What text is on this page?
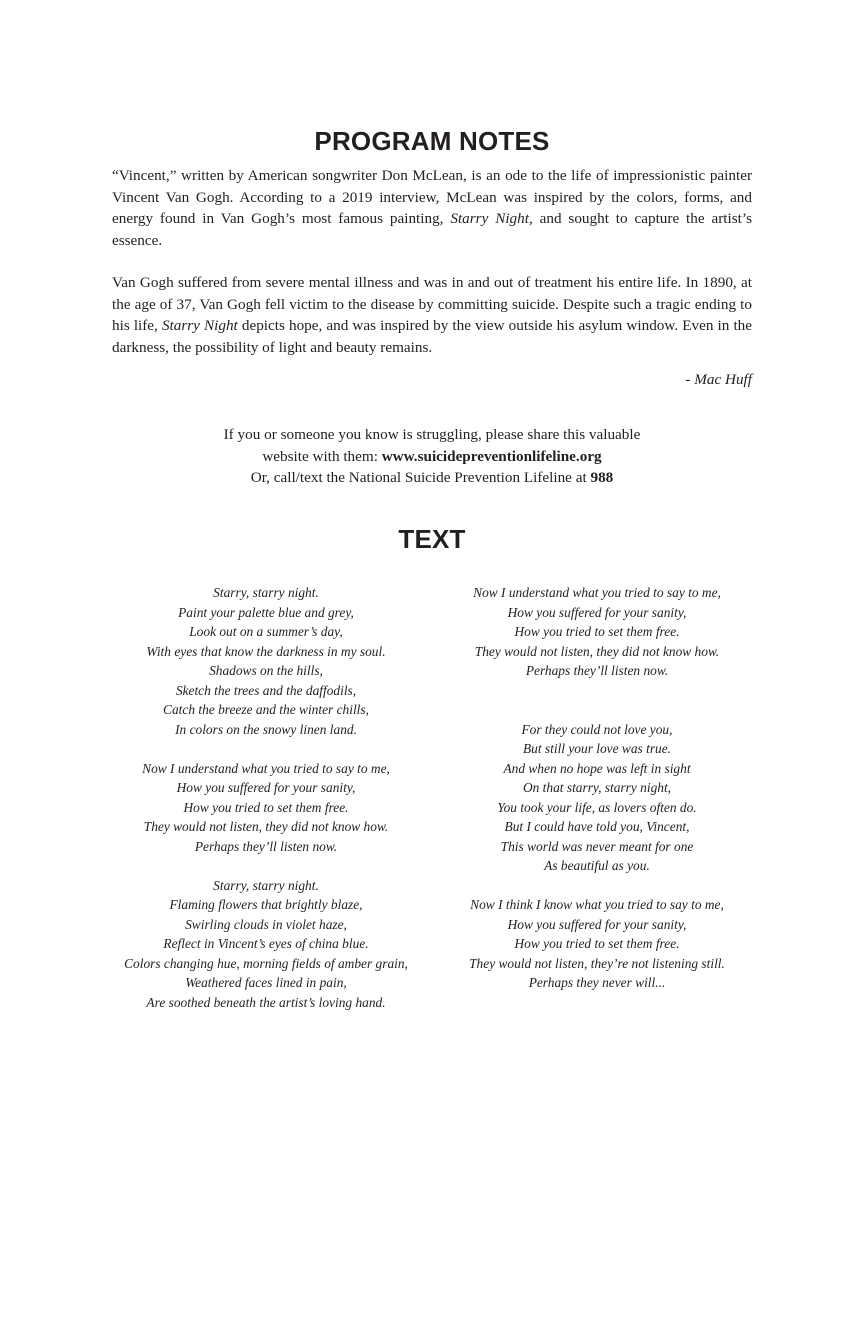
PROGRAM NOTES

“Vincent,” written by American songwriter Don McLean, is an ode to the life of impressionistic painter Vincent Van Gogh. According to a 2019 interview, McLean was inspired by the colors, forms, and energy found in Van Gogh’s most famous painting, Starry Night, and sought to capture the artist’s essence.

Van Gogh suffered from severe mental illness and was in and out of treatment his entire life. In 1890, at the age of 37, Van Gogh fell victim to the disease by committing suicide. Despite such a tragic ending to his life, Starry Night depicts hope, and was inspired by the view outside his asylum window. Even in the darkness, the possibility of light and beauty remains.

- Mac Huff
If you or someone you know is struggling, please share this valuable
website with them: www.suicidepreventionlifeline.org
Or, call/text the National Suicide Prevention Lifeline at 988
TEXT
Starry, starry night.
Paint your palette blue and grey,
Look out on a summer’s day,
With eyes that know the darkness in my soul.
Shadows on the hills,
Sketch the trees and the daffodils,
Catch the breeze and the winter chills,
In colors on the snowy linen land.
Now I understand what you tried to say to me,
How you suffered for your sanity,
How you tried to set them free.
They would not listen, they did not know how.
Perhaps they’ll listen now.
Starry, starry night.
Flaming flowers that brightly blaze,
Swirling clouds in violet haze,
Reflect in Vincent’s eyes of china blue.
Colors changing hue, morning fields of amber grain,
Weathered faces lined in pain,
Are soothed beneath the artist’s loving hand.
Now I understand what you tried to say to me,
How you suffered for your sanity,
How you tried to set them free.
They would not listen, they did not know how.
Perhaps they’ll listen now.
For they could not love you,
But still your love was true.
And when no hope was left in sight
On that starry, starry night,
You took your life, as lovers often do.
But I could have told you, Vincent,
This world was never meant for one
As beautiful as you.
Now I think I know what you tried to say to me,
How you suffered for your sanity,
How you tried to set them free.
They would not listen, they’re not listening still.
Perhaps they never will...
